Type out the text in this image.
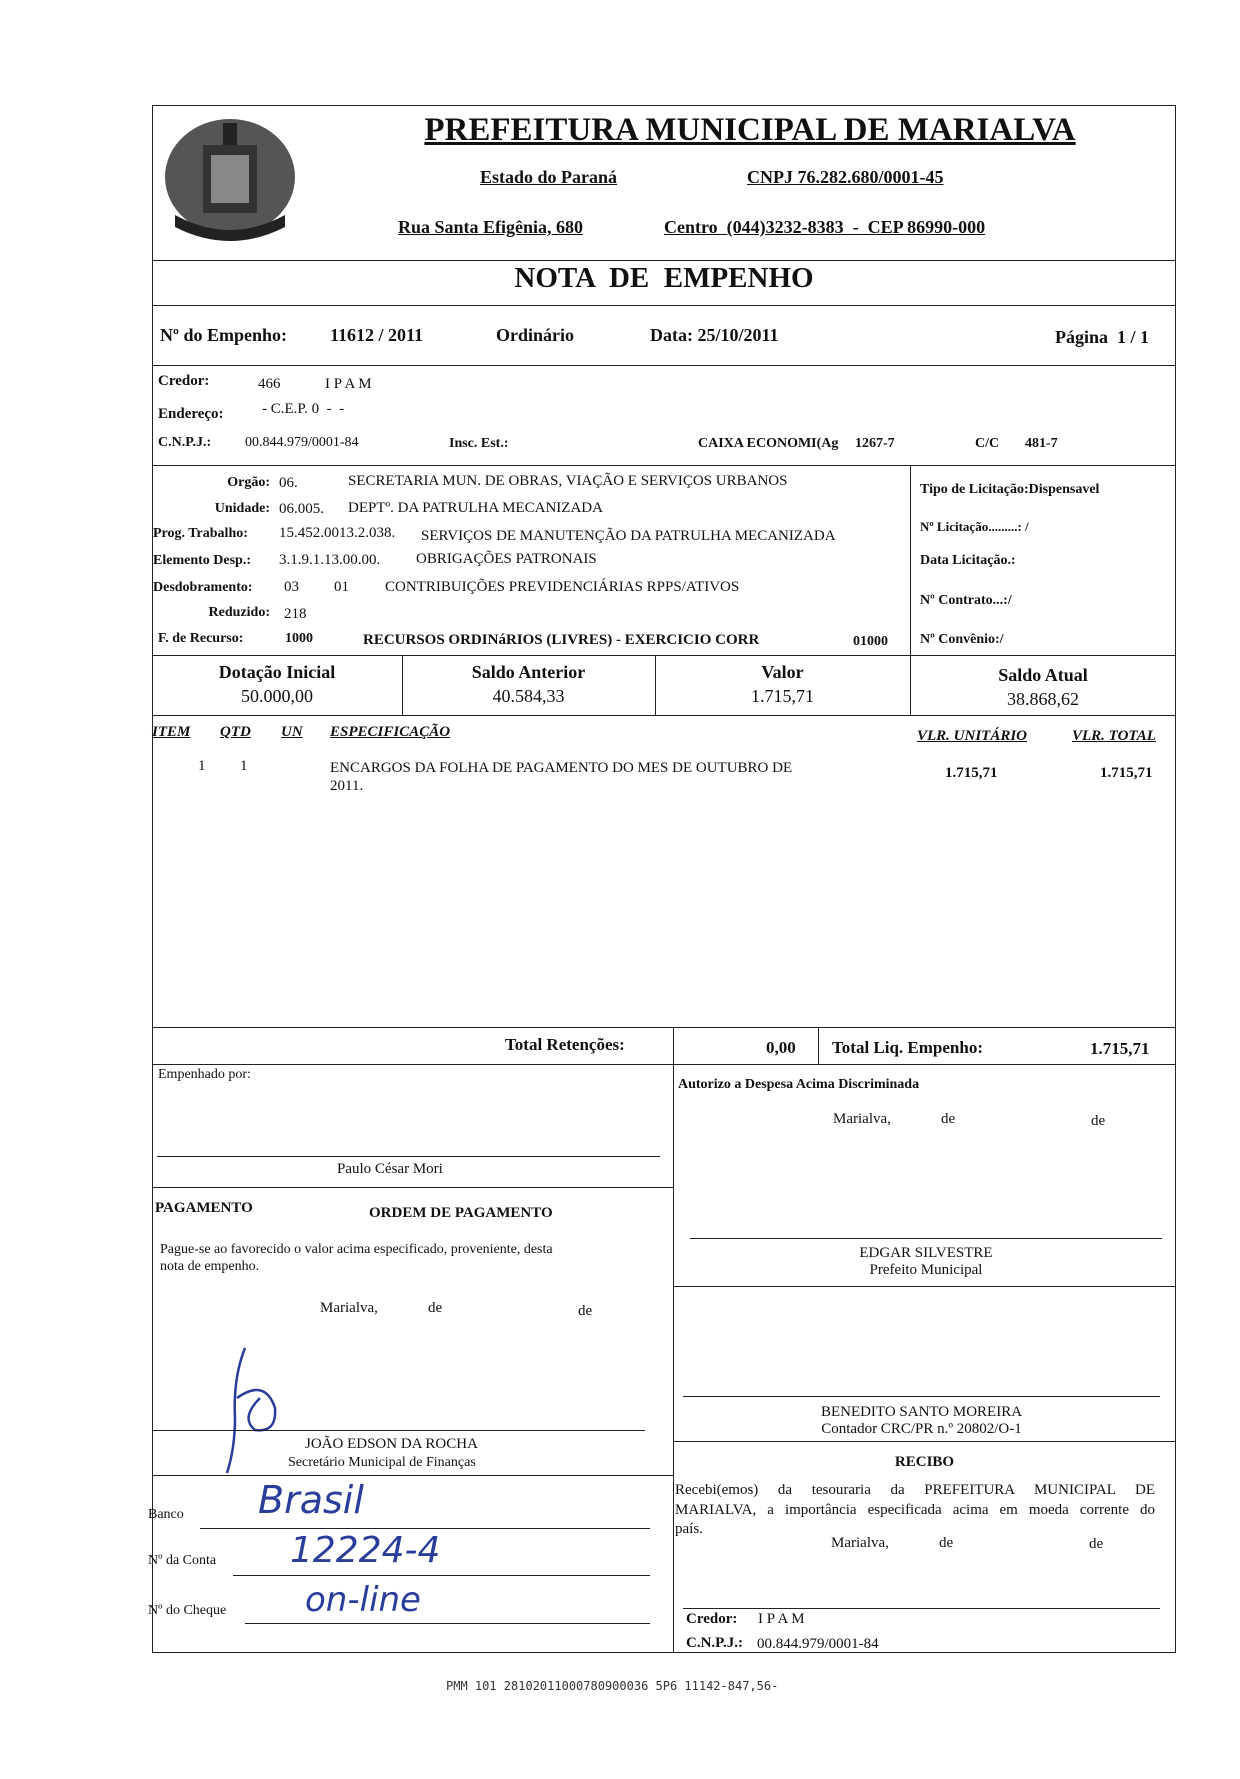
PREFEITURA MUNICIPAL DE MARIALVA
Estado do Paraná	CNPJ 76.282.680/0001-45
Rua Santa Efigênia, 680	Centro  (044)3232-8383  -  CEP 86990-000
NOTA  DE  EMPENHO
Nº do Empenho: 11612 / 2011	Ordinário	Data: 25/10/2011	Página  1 / 1
Credor:	466	I P A M
Endereço:	- C.E.P. 0  -  -
C.N.P.J.: 00.844.979/0001-84	Insc. Est.:	CAIXA ECONOMI(Ag 1267-7	C/C 481-7
Orgão: 06.	SECRETARIA MUN. DE OBRAS, VIAÇÃO E SERVIÇOS URBANOS
Unidade: 06.005. DEPTº. DA PATRULHA MECANIZADA
Prog. Trabalho: 15.452.0013.2.038. SERVIÇOS DE MANUTENÇÃO DA PATRULHA MECANIZADA
Elemento Desp.: 3.1.9.1.13.00.00. OBRIGAÇÕES PATRONAIS
Desdobramento: 03 01 CONTRIBUIÇÕES PREVIDENCIÁRIAS RPPS/ATIVOS
Reduzido: 218
F. de Recurso:	1000	RECURSOS ORDINáRIOS (LIVRES) - EXERCICIO CORR	01000
Tipo de Licitação:Dispensavel
Nº Licitação.........: /
Data Licitação.:
Nº Contrato...:/
Nº Convênio:/
Dotação Inicial
50.000,00
Saldo Anterior
40.584,33
Valor
1.715,71
Saldo Atual
38.868,62
ITEM QTD UN ESPECIFICAÇÃO	VLR. UNITÁRIO	VLR. TOTAL
1 1	ENCARGOS DA FOLHA DE PAGAMENTO DO MES DE OUTUBRO DE
2011.
1.715,71	1.715,71
Total Retenções:	0,00 Total Liq. Empenho:	1.715,71
Empenhado por:
Paulo César Mori
Autorizo a Despesa Acima Discriminada
Marialva,	de	de
PAGAMENTO	ORDEM DE PAGAMENTO
Pague-se ao favorecido o valor acima especificado, proveniente, desta
nota de empenho.
Marialva,	de	de
JOÃO EDSON DA ROCHA
Secretário Municipal de Finanças
Banco Brasil
Nº da Conta 12224-4
Nº do Cheque on-line
EDGAR SILVESTRE
Prefeito Municipal
BENEDITO SANTO MOREIRA
Contador CRC/PR n.º 20802/O-1
RECIBO
Recebi(emos) da tesouraria da PREFEITURA MUNICIPAL DE
MARIALVA, a importância especificada acima em moeda corrente do
país.
Marialva,	de	de
Credor: I P A M
C.N.P.J.: 00.844.979/0001-84
PMM 101 28102011000780900036 5P6 11142-847,56-
